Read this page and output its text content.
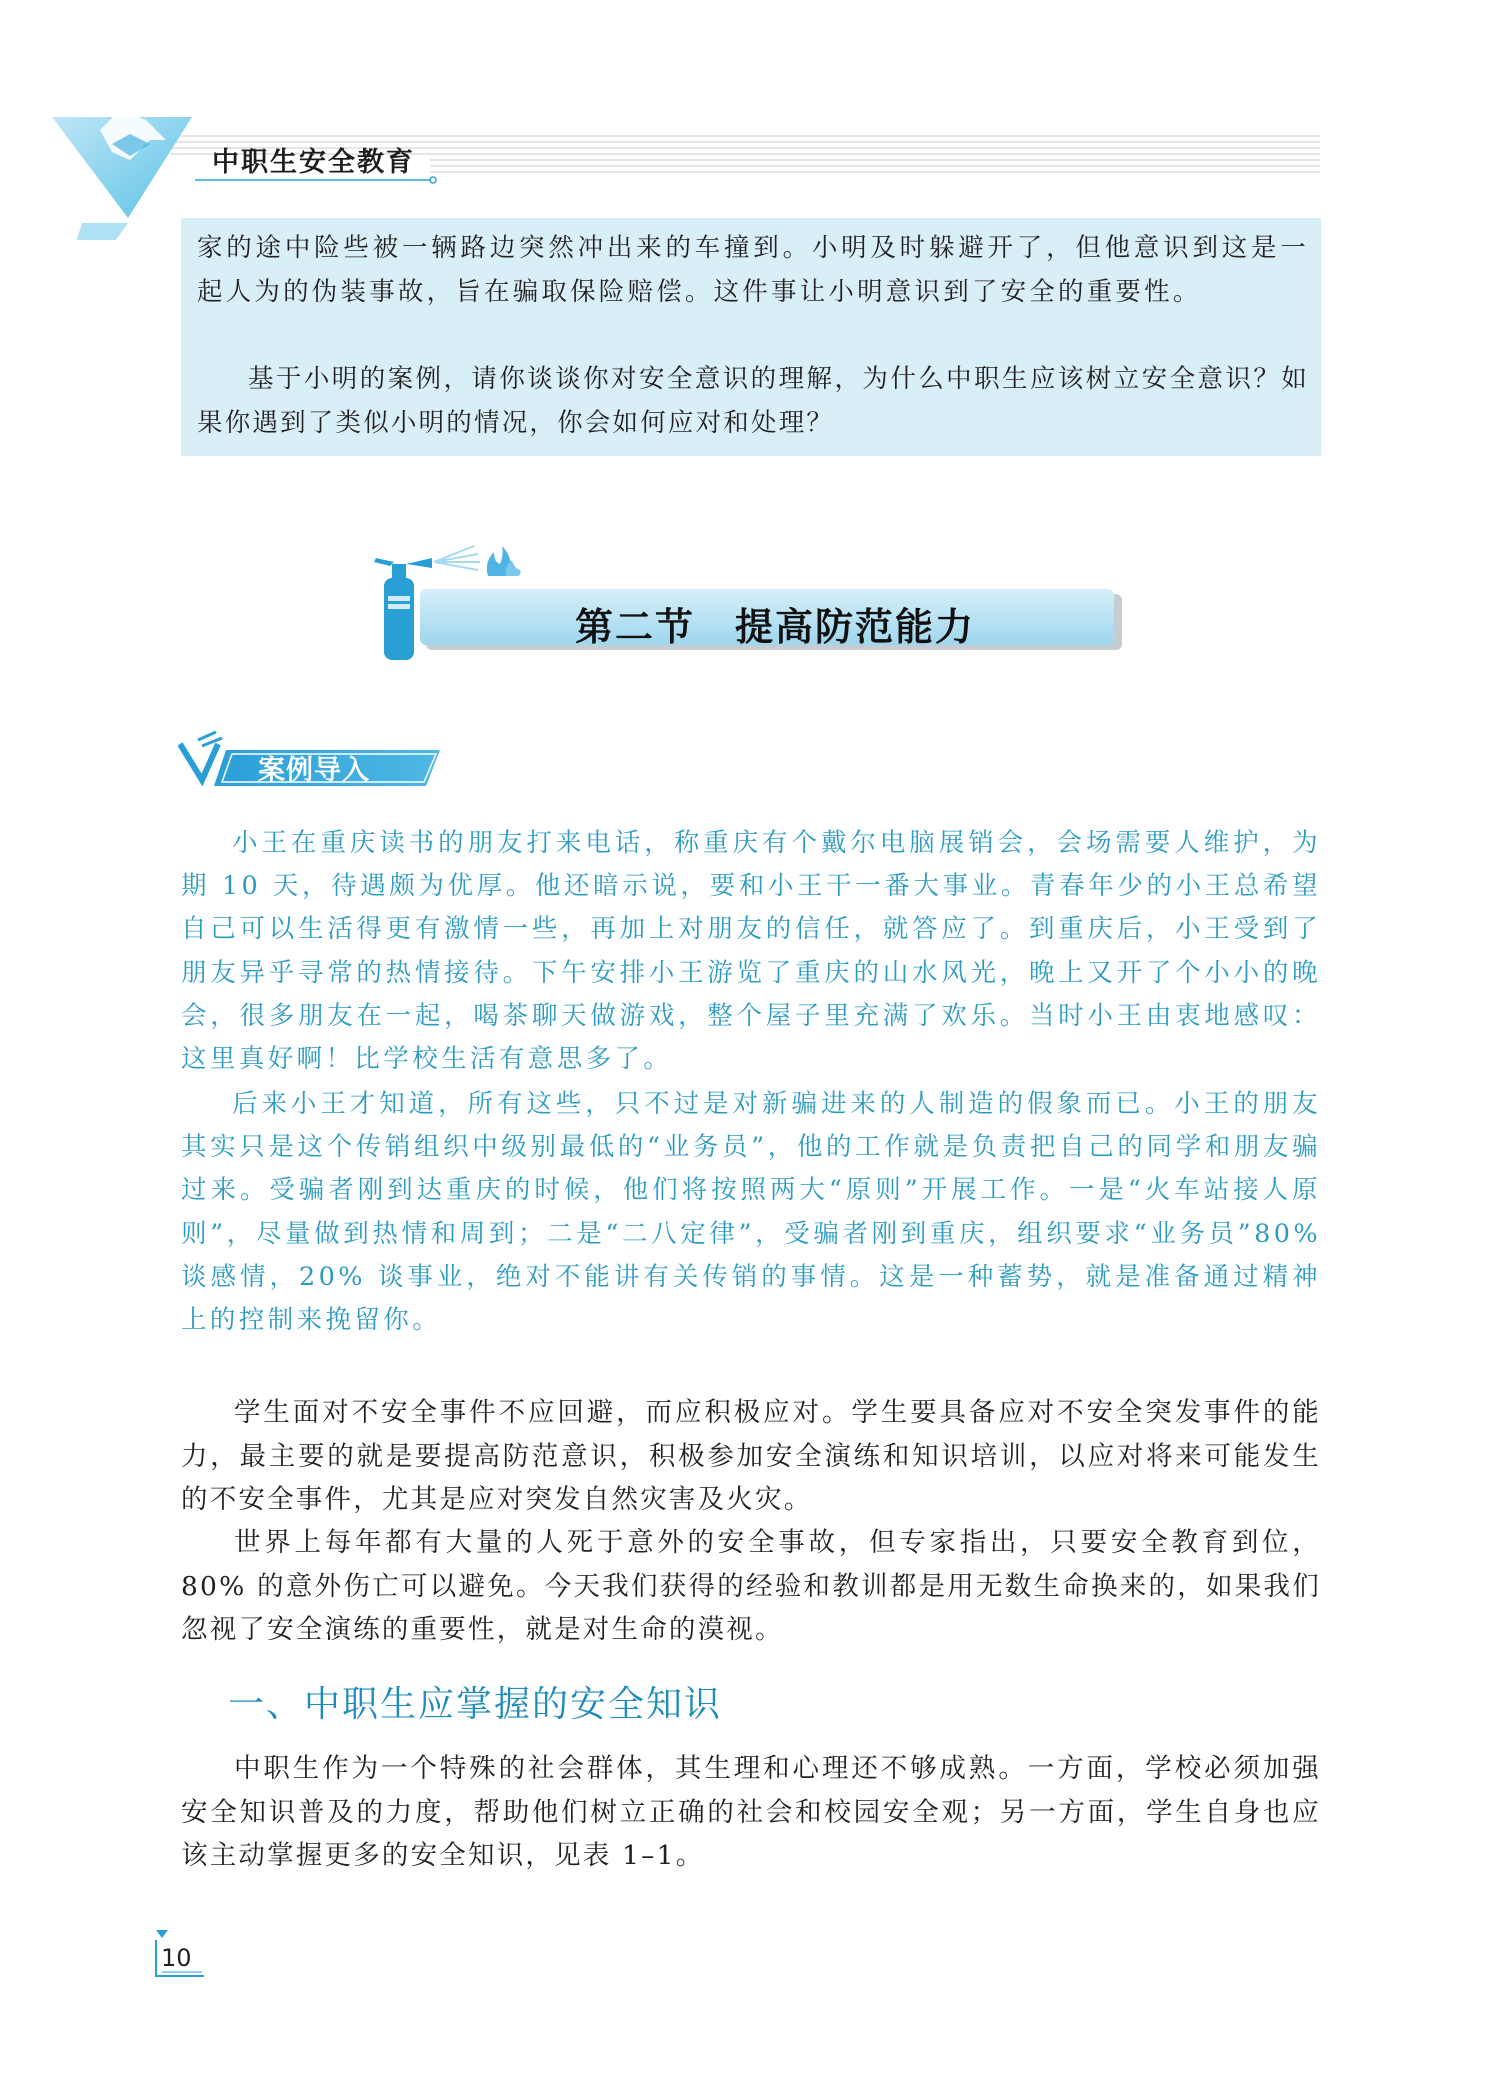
中职生安全教育

家的途中险些被一辆路边突然冲出来的车撞到。小明及时躲避开了，但他意识到这是一起人为的伪装事故，旨在骗取保险赔偿。这件事让小明意识到了安全的重要性。

基于小明的案例，请你谈谈你对安全意识的理解，为什么中职生应该树立安全意识？如果你遇到了类似小明的情况，你会如何应对和处理？

第二节　提高防范能力
案例导入

小王在重庆读书的朋友打来电话，称重庆有个戴尔电脑展销会，会场需要人维护，为期 10 天，待遇颇为优厚。他还暗示说，要和小王干一番大事业。青春年少的小王总希望自己可以生活得更有激情一些，再加上对朋友的信任，就答应了。到重庆后，小王受到了朋友异乎寻常的热情接待。下午安排小王游览了重庆的山水风光，晚上又开了个小小的晚会，很多朋友在一起，喝茶聊天做游戏，整个屋子里充满了欢乐。当时小王由衷地感叹：这里真好啊！比学校生活有意思多了。

后来小王才知道，所有这些，只不过是对新骗进来的人制造的假象而已。小王的朋友其实只是这个传销组织中级别最低的“业务员”，他的工作就是负责把自己的同学和朋友骗过来。受骗者刚到达重庆的时候，他们将按照两大“原则”开展工作。一是“火车站接人原则”，尽量做到热情和周到；二是“二八定律”，受骗者刚到重庆，组织要求“业务员”80% 谈感情，20% 谈事业，绝对不能讲有关传销的事情。这是一种蓄势，就是准备通过精神上的控制来挽留你。

学生面对不安全事件不应回避，而应积极应对。学生要具备应对不安全突发事件的能力，最主要的就是要提高防范意识，积极参加安全演练和知识培训，以应对将来可能发生的不安全事件，尤其是应对突发自然灾害及火灾。

世界上每年都有大量的人死于意外的安全事故，但专家指出，只要安全教育到位，80% 的意外伤亡可以避免。今天我们获得的经验和教训都是用无数生命换来的，如果我们忽视了安全演练的重要性，就是对生命的漠视。

一、中职生应掌握的安全知识

中职生作为一个特殊的社会群体，其生理和心理还不够成熟。一方面，学校必须加强安全知识普及的力度，帮助他们树立正确的社会和校园安全观；另一方面，学生自身也应该主动掌握更多的安全知识，见表 1–1。

10
